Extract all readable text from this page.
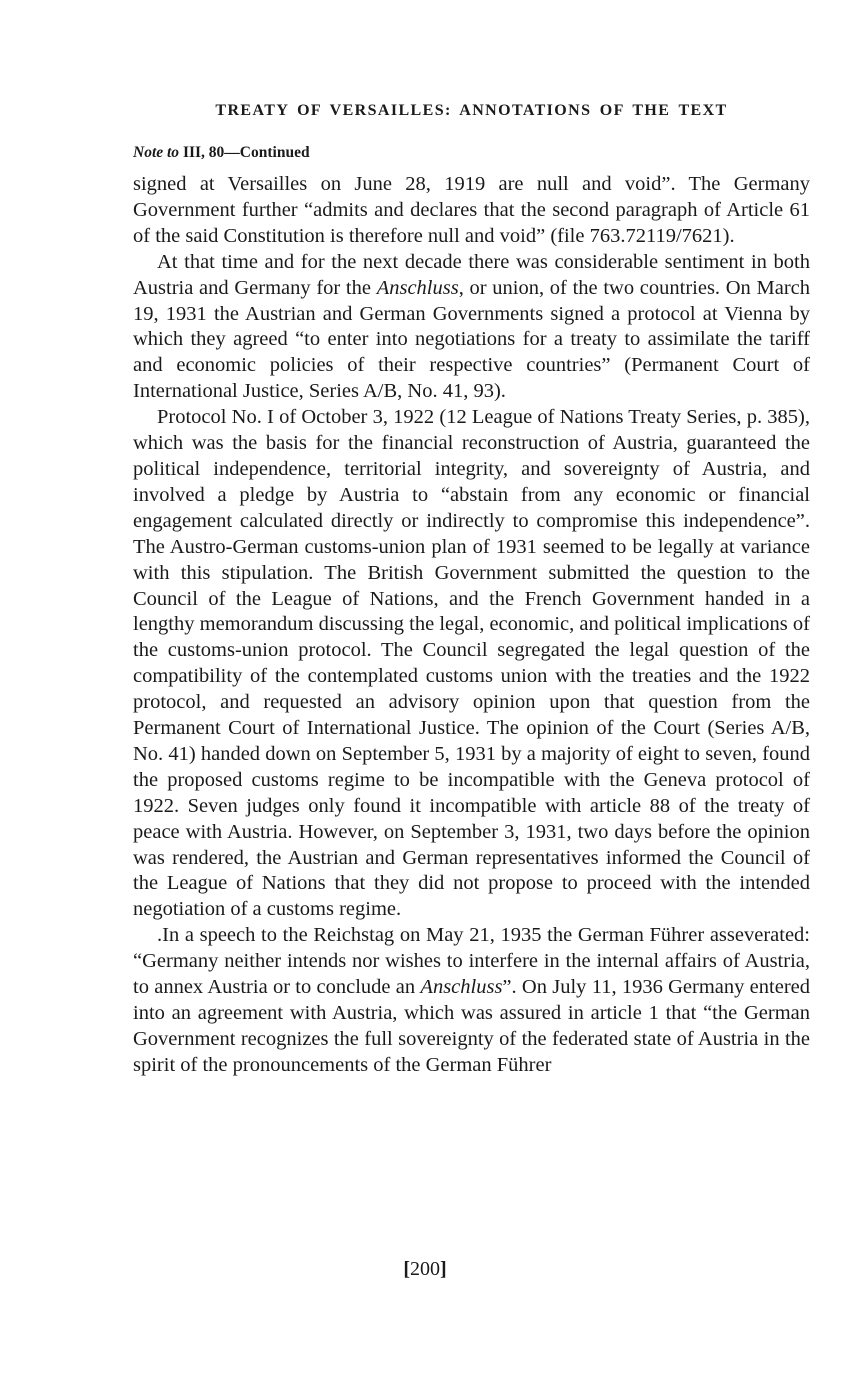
TREATY OF VERSAILLES: ANNOTATIONS OF THE TEXT

Note to III, 80—Continued

signed at Versailles on June 28, 1919 are null and void”. The Germany Government further “admits and declares that the second paragraph of Article 61 of the said Constitution is therefore null and void” (file 763.72119/7621).

At that time and for the next decade there was considerable sentiment in both Austria and Germany for the Anschluss, or union, of the two countries. On March 19, 1931 the Austrian and German Governments signed a protocol at Vienna by which they agreed “to enter into negotiations for a treaty to assimilate the tariff and economic policies of their respective countries” (Permanent Court of International Justice, Series A/B, No. 41, 93).

Protocol No. I of October 3, 1922 (12 League of Nations Treaty Series, p. 385), which was the basis for the financial reconstruction of Austria, guaranteed the political independence, territorial integrity, and sovereignty of Austria, and involved a pledge by Austria to “abstain from any economic or financial engagement calculated directly or indirectly to compromise this independence”. The Austro-German customs-union plan of 1931 seemed to be legally at variance with this stipulation. The British Government submitted the question to the Council of the League of Nations, and the French Government handed in a lengthy memorandum discussing the legal, economic, and political implications of the customs-union protocol. The Council segregated the legal question of the compatibility of the contemplated customs union with the treaties and the 1922 protocol, and requested an advisory opinion upon that question from the Permanent Court of International Justice. The opinion of the Court (Series A/B, No. 41) handed down on September 5, 1931 by a majority of eight to seven, found the proposed customs regime to be incompatible with the Geneva protocol of 1922. Seven judges only found it incompatible with article 88 of the treaty of peace with Austria. However, on September 3, 1931, two days before the opinion was rendered, the Austrian and German representatives informed the Council of the League of Nations that they did not propose to proceed with the intended negotiation of a customs regime.

.In a speech to the Reichstag on May 21, 1935 the German Führer asseverated: “Germany neither intends nor wishes to interfere in the internal affairs of Austria, to annex Austria or to conclude an Anschluss”. On July 11, 1936 Germany entered into an agreement with Austria, which was assured in article 1 that “the German Government recognizes the full sovereignty of the federated state of Austria in the spirit of the pronouncements of the German Führer

[200]
